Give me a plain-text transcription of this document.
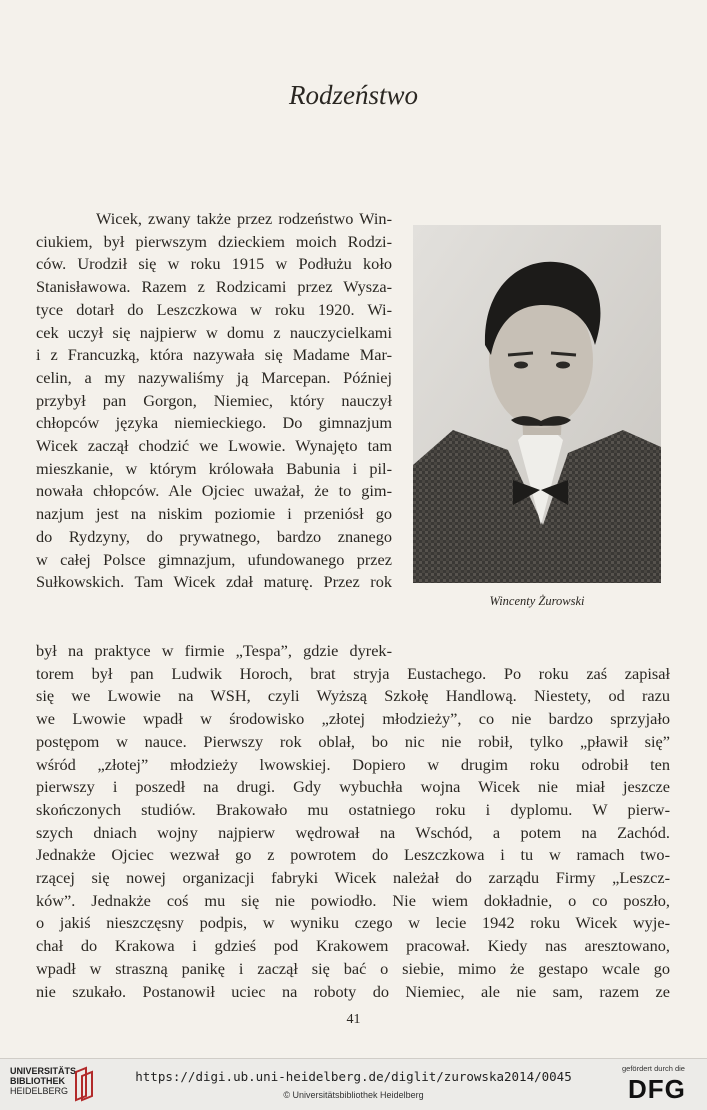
Rodzeństwo
Wicek, zwany także przez rodzeństwo Win-
ciukiem, był pierwszym dzieckiem moich Rodzi-
ców. Urodził się w roku 1915 w Podłużu koło
Stanisławowa. Razem z Rodzicami przez Wysza-
tyce dotarł do Leszczkowa w roku 1920. Wi-
cek uczył się najpierw w domu z nauczycielkami
i z Francuzką, która nazywała się Madame Mar-
celin, a my nazywaliśmy ją Marcepan. Później
przybył pan Gorgon, Niemiec, który nauczył
chłopców języka niemieckiego. Do gimnazjum
Wicek zaczął chodzić we Lwowie. Wynajęto tam
mieszkanie, w którym królowała Babunia i pil-
nowała chłopców. Ale Ojciec uważał, że to gim-
nazjum jest na niskim poziomie i przeniósł go
do Rydzyny, do prywatnego, bardzo znanego
w całej Polsce gimnazjum, ufundowanego przez
Sułkowskich. Tam Wicek zdał maturę. Przez rok
był na praktyce w firmie „Tespa”, gdzie dyrek-
torem był pan Ludwik Horoch, brat stryja Eustachego. Po roku zaś zapisał
się we Lwowie na WSH, czyli Wyższą Szkołę Handlową. Niestety, od razu
we Lwowie wpadł w środowisko „złotej młodzieży”, co nie bardzo sprzyjało
postępom w nauce. Pierwszy rok oblał, bo nic nie robił, tylko „pławił się”
wśród „złotej” młodzieży lwowskiej. Dopiero w drugim roku odrobił ten
pierwszy i poszedł na drugi. Gdy wybuchła wojna Wicek nie miał jeszcze
skończonych studiów. Brakowało mu ostatniego roku i dyplomu. W pierw-
szych dniach wojny najpierw wędrował na Wschód, a potem na Zachód.
Jednakże Ojciec wezwał go z powrotem do Leszczkowa i tu w ramach two-
rzącej się nowej organizacji fabryki Wicek należał do zarządu Firmy „Leszcz-
ków”. Jednakże coś mu się nie powiodło. Nie wiem dokładnie, o co poszło,
o jakiś nieszczęsny podpis, w wyniku czego w lecie 1942 roku Wicek wyje-
chał do Krakowa i gdzieś pod Krakowem pracował. Kiedy nas aresztowano,
wpadł w straszną panikę i zaczął się bać o siebie, mimo że gestapo wcale go
nie szukało. Postanowił uciec na roboty do Niemiec, ale nie sam, razem ze
Wincenty Żurowski
41
UNIVERSITÄTS-
BIBLIOTHEK
HEIDELBERG
https://digi.ub.uni-heidelberg.de/diglit/zurowska2014/0045
© Universitätsbibliothek Heidelberg
gefördert durch die
DFG
